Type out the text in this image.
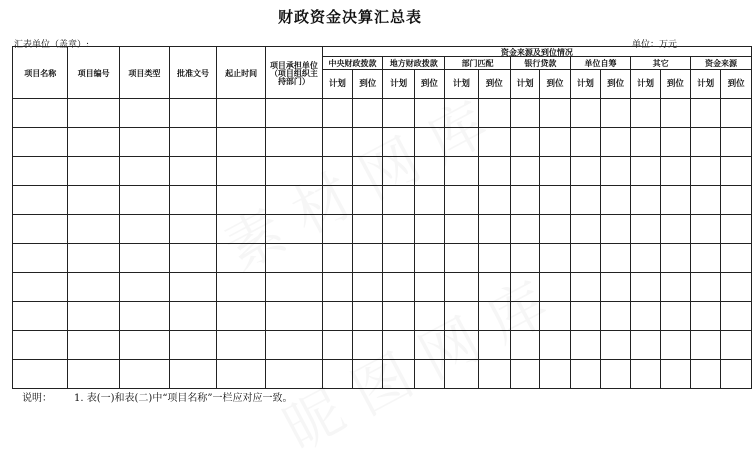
财政资金决算汇总表
汇表单位（盖章）:	单位：万元
项目名称	项目编号	项目类型	批准文号	起止时间	项目承担单位（项目组织主持部门）	资金来源及到位情况													
						中央财政拨款		地方财政拨款		部门匹配		银行贷款		单位自筹		其它		资金来源	
						计划	到位	计划	到位	计划	到位	计划	到位	计划	到位	计划	到位	计划	到位

说明： 1. 表(一)和表(二)中“项目名称”一栏应对应一致。
